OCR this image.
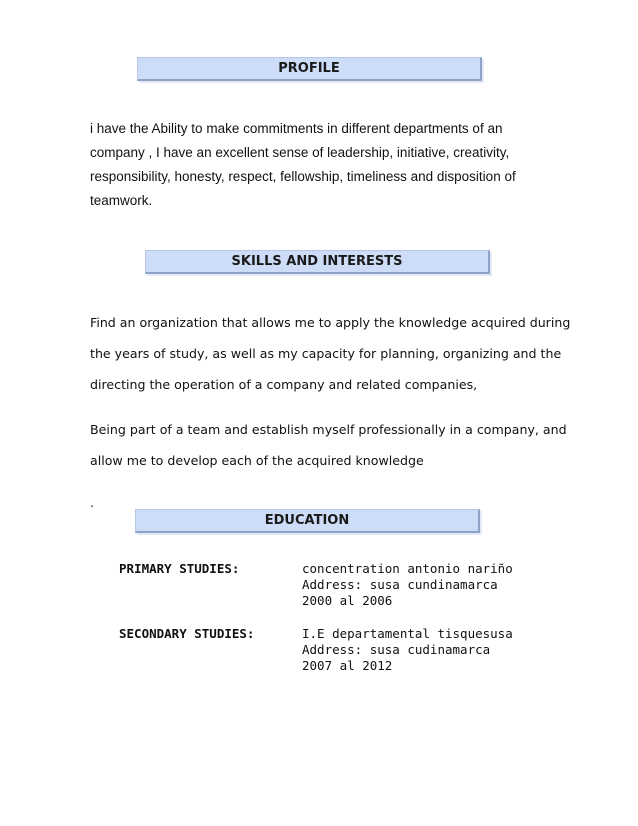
PROFILE
i have the Ability to make commitments in different departments of an
company , I have an excellent sense of leadership, initiative, creativity,
responsibility, honesty, respect, fellowship, timeliness and disposition of
teamwork.
SKILLS AND INTERESTS
Find an organization that allows me to apply the knowledge acquired during
the years of study, as well as my capacity for planning, organizing and the
directing the operation of a company and related companies,
Being part of a team and establish myself professionally in a company, and
allow me to develop each of the acquired knowledge
.
EDUCATION
PRIMARY STUDIES:	concentration antonio nariño
Address: susa cundinamarca
2000 al 2006
SECONDARY STUDIES:	I.E departamental tisquesusa
Address: susa cudinamarca
2007 al 2012
